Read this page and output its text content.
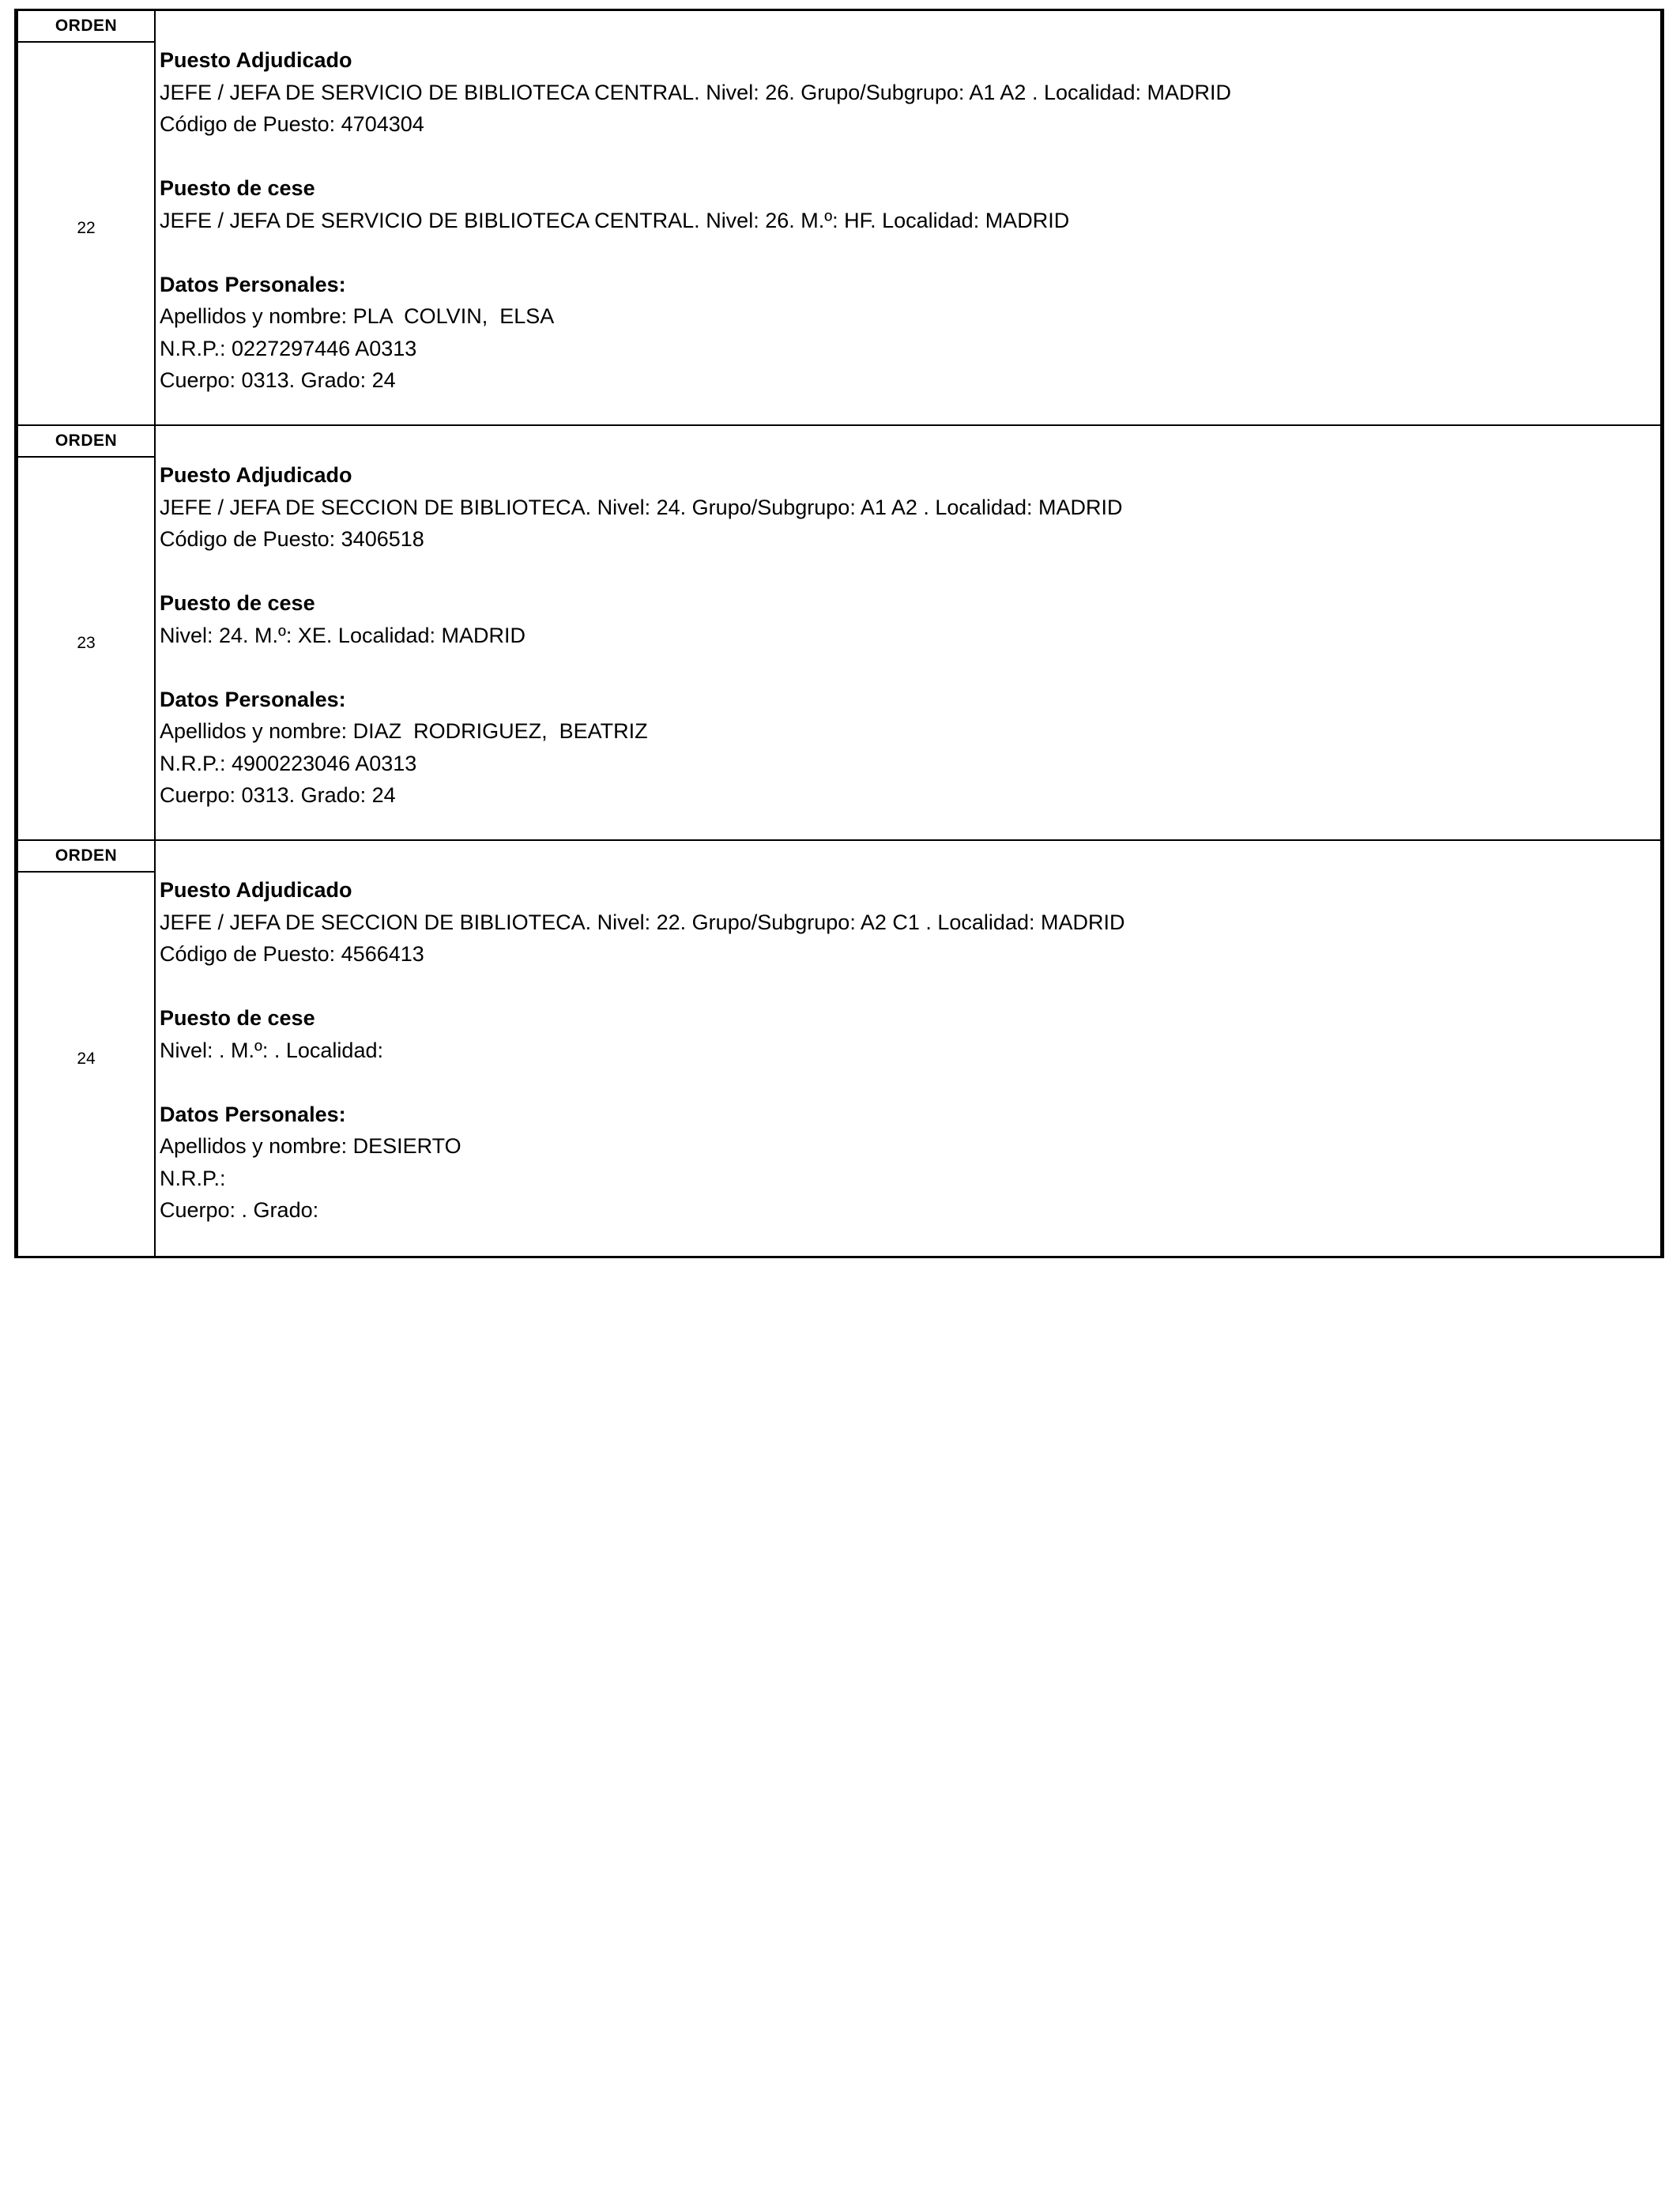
ORDEN
22
Puesto Adjudicado
JEFE / JEFA DE SERVICIO DE BIBLIOTECA CENTRAL. Nivel: 26. Grupo/Subgrupo: A1 A2 . Localidad: MADRID
Código de Puesto: 4704304
Puesto de cese
JEFE / JEFA DE SERVICIO DE BIBLIOTECA CENTRAL. Nivel: 26. M.º: HF. Localidad: MADRID
Datos Personales:
Apellidos y nombre: PLA  COLVIN,  ELSA
N.R.P.: 0227297446 A0313
Cuerpo: 0313. Grado: 24
ORDEN
23
Puesto Adjudicado
JEFE / JEFA DE SECCION DE BIBLIOTECA. Nivel: 24. Grupo/Subgrupo: A1 A2 . Localidad: MADRID
Código de Puesto: 3406518
Puesto de cese
Nivel: 24. M.º: XE. Localidad: MADRID
Datos Personales:
Apellidos y nombre: DIAZ  RODRIGUEZ,  BEATRIZ
N.R.P.: 4900223046 A0313
Cuerpo: 0313. Grado: 24
ORDEN
24
Puesto Adjudicado
JEFE / JEFA DE SECCION DE BIBLIOTECA. Nivel: 22. Grupo/Subgrupo: A2 C1 . Localidad: MADRID
Código de Puesto: 4566413
Puesto de cese
Nivel: . M.º: . Localidad:
Datos Personales:
Apellidos y nombre: DESIERTO
N.R.P.:
Cuerpo: . Grado:
